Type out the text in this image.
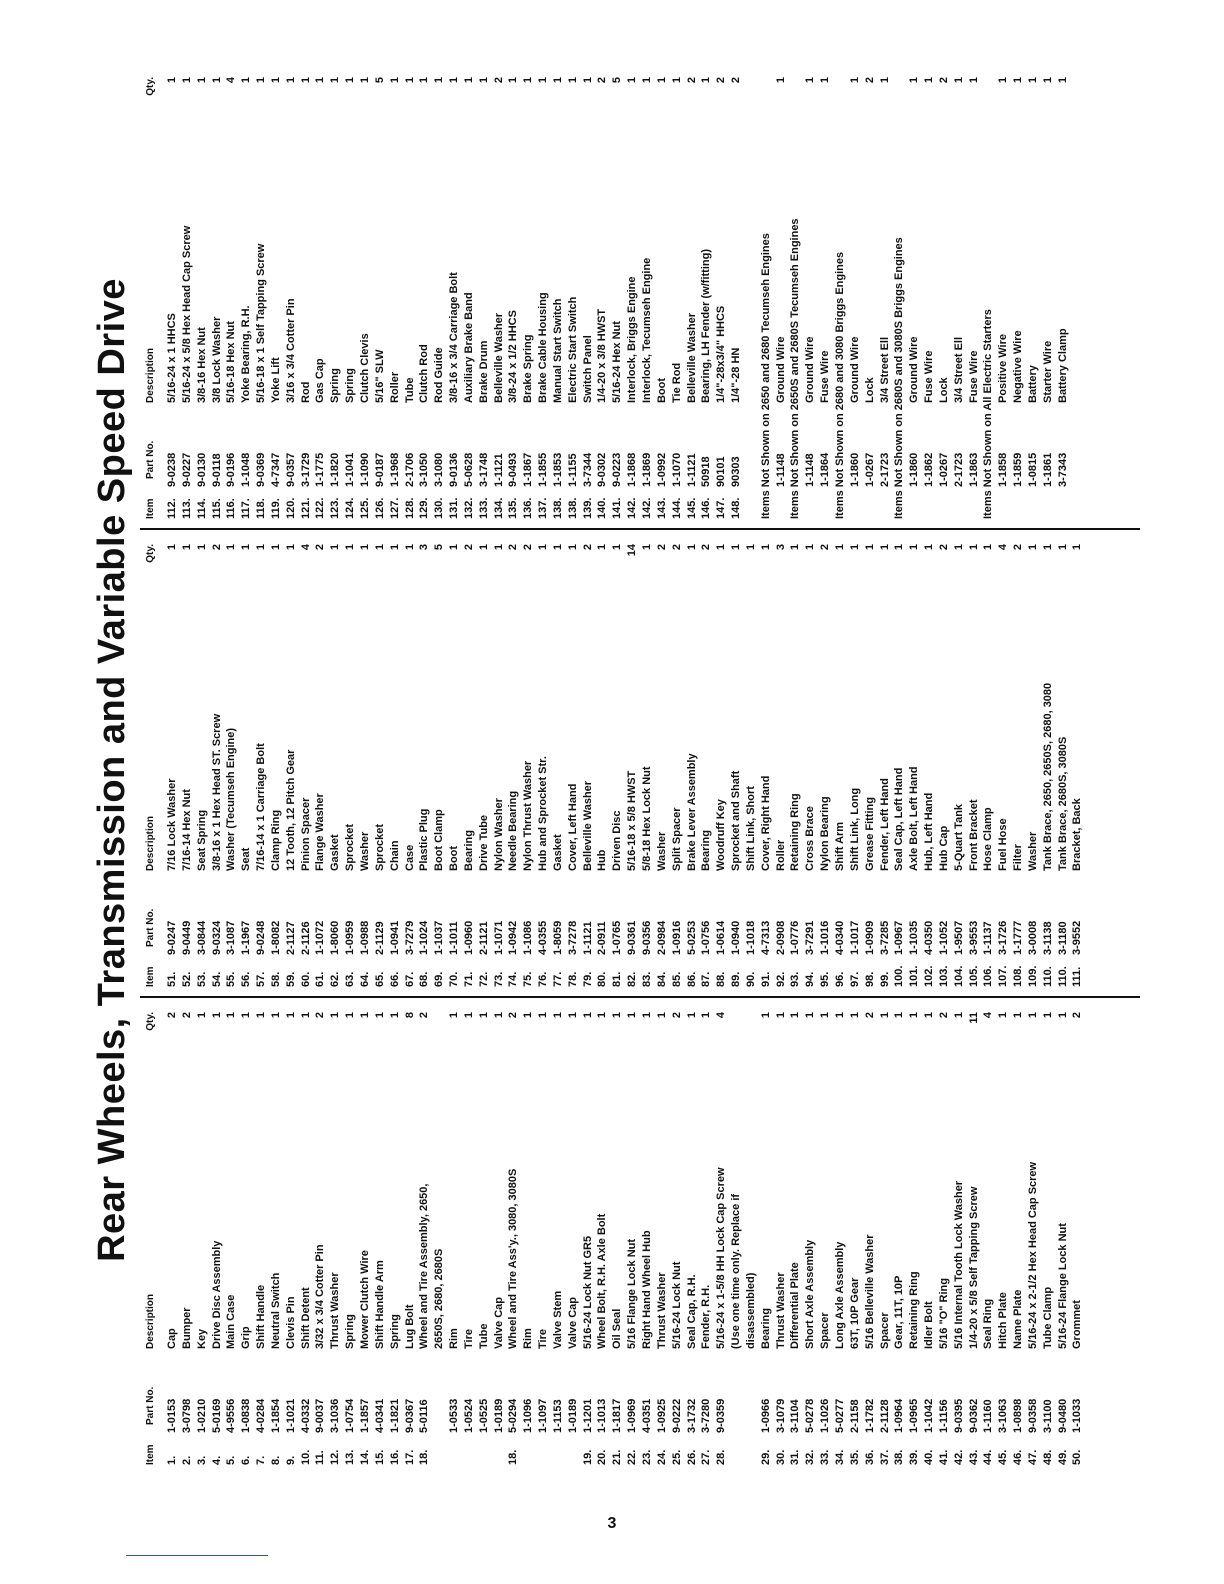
Rear Wheels, Transmission and Variable Speed Drive
Item
Part No.
Description
Qty.
1.
1-0153
Cap
2
2.
3-0798
Bumper
2
3.
1-0210
Key
1
4.
5-0169
Drive Disc Assembly
1
5.
4-9556
Main Case
1
6.
1-0838
Grip
1
7.
4-0284
Shift Handle
1
8.
1-1854
Neutral Switch
1
9.
1-1021
Clevis Pin
1
10.
4-0332
Shift Detent
1
11.
9-0037
3/32 x 3/4 Cotter Pin
2
12.
3-1036
Thrust Washer
1
13.
1-0754
Spring
1
14.
1-1857
Mower Clutch Wire
1
15.
4-0341
Shift Handle Arm
1
16.
1-1821
Spring
1
17.
9-0367
Lug Bolt
8
18.
5-0116
Wheel and Tire Assembly, 2650,
2
2650S, 2680, 2680S
1-0533
Rim
1
1-0524
Tire
1
1-0525
Tube
1
1-0189
Valve Cap
1
18.
5-0294
Wheel and Tire Ass'y., 3080, 3080S
2
1-1096
Rim
1
1-1097
Tire
1
1-1153
Valve Stem
1
1-0189
Valve Cap
1
19.
1-1201
5/16-24 Lock Nut GR5
1
20.
1-1013
Wheel Bolt, R.H. Axle Bolt
1
21.
1-1817
Oil Seal
1
22.
1-0969
5/16 Flange Lock Nut
1
23.
4-0351
Right Hand Wheel Hub
1
24.
1-0925
Thrust Washer
1
25.
9-0222
5/16-24 Lock Nut
2
26.
3-1732
Seal Cap, R.H.
1
27.
3-7280
Fender, R.H.
1
28.
9-0359
5/16-24 x 1-5/8 HH Lock Cap Screw
4
(Use one time only. Replace if disassembled)
29.
1-0966
Bearing
1
30.
3-1079
Thrust Washer
1
31.
3-1104
Differential Plate
1
32.
5-0278
Short Axle Assembly
1
33.
1-1026
Spacer
1
34.
5-0277
Long Axle Assembly
1
35.
2-1158
63T, 10P Gear
1
36.
1-1782
5/16 Belleville Washer
2
37.
2-1128
Spacer
1
38.
1-0964
Gear, 11T, 10P
1
39.
1-0965
Retaining Ring
1
40.
1-1042
Idler Bolt
1
41.
1-1156
5/16 "O" Ring
2
42.
9-0395
5/16 Internal Tooth Lock Washer
1
43.
9-0362
1/4-20 x 5/8 Self Tapping Screw
11
44.
1-1160
Seal Ring
4
45.
3-1063
Hitch Plate
1
46.
1-0898
Name Plate
1
47.
9-0358
5/16-24 x 2-1/2 Hex Head Cap Screw
1
48.
3-1100
Tube Clamp
1
49.
9-0480
5/16-24 Flange Lock Nut
1
50.
1-1033
Grommet
2
Item
Part No.
Description
Qty.
51.
9-0247
7/16 Lock Washer
1
52.
9-0449
7/16-14 Hex Nut
1
53.
3-0844
Seat Spring
1
54.
9-0324
3/8-16 x 1 Hex Head ST. Screw
2
55.
3-1087
Washer (Tecumseh Engine)
1
56.
1-1967
Seat
1
57.
9-0248
7/16-14 x 1 Carriage Bolt
1
58.
1-8082
Clamp Ring
1
59.
2-1127
12 Tooth, 12 Pitch Gear
1
60.
2-1126
Pinion Spacer
4
61.
1-1072
Flange Washer
2
62.
1-8060
Gasket
1
63.
1-0959
Sprocket
1
64.
1-0988
Washer
1
65.
2-1129
Sprocket
1
66.
1-0941
Chain
1
67.
3-7279
Case
1
68.
1-1024
Plastic Plug
3
69.
1-1037
Boot Clamp
5
70.
1-1011
Boot
1
71.
1-0960
Bearing
2
72.
2-1121
Drive Tube
1
73.
1-1071
Nylon Washer
1
74.
1-0942
Needle Bearing
2
75.
1-1086
Nylon Thrust Washer
2
76.
4-0355
Hub and Sprocket Str.
1
77.
1-8059
Gasket
1
78.
3-7278
Cover, Left Hand
1
79.
1-1121
Belleville Washer
2
80.
2-0911
Hub
1
81.
1-0765
Driven Disc
1
82.
9-0361
5/16-18 x 5/8 HWST
14
83.
9-0356
5/8-18 Hex Lock Nut
1
84.
2-0984
Washer
2
85.
1-0916
Split Spacer
2
86.
5-0253
Brake Lever Assembly
1
87.
1-0756
Bearing
2
88.
1-0614
Woodruff Key
1
89.
1-0940
Sprocket and Shaft
1
90.
1-1018
Shift Link, Short
1
91.
4-7313
Cover, Right Hand
1
92.
2-0908
Roller
3
93.
1-0776
Retaining Ring
1
94.
3-7291
Cross Brace
1
95.
1-1016
Nylon Bearing
2
96.
4-0340
Shift Arm
1
97.
1-1017
Shift Link, Long
1
98.
1-0909
Grease Fitting
1
99.
3-7285
Fender, Left Hand
1
100.
1-0967
Seal Cap, Left Hand
1
101.
1-1035
Axle Bolt, Left Hand
1
102.
4-0350
Hub, Left Hand
1
103.
1-1052
Hub Cap
2
104.
1-9507
5-Quart Tank
1
105.
3-9553
Front Bracket
1
106.
1-1137
Hose Clamp
1
107.
3-1726
Fuel Hose
4
108.
1-1777
Filter
2
109.
3-0008
Washer
1
110.
3-1138
Tank Brace, 2650, 2650S, 2680, 3080
1
110.
3-1180
Tank Brace, 2680S, 3080S
1
111.
3-9552
Bracket, Back
1
Item
Part No.
Description
Qty.
112.
9-0238
5/16-24 x 1 HHCS
1
113.
9-0227
5/16-24 x 5/8 Hex Head Cap Screw
1
114.
9-0130
3/8-16 Hex Nut
1
115.
9-0118
3/8 Lock Washer
1
116.
9-0196
5/16-18 Hex Nut
4
117.
1-1048
Yoke Bearing, R.H.
1
118.
9-0369
5/16-18 x 1 Self Tapping Screw
1
119.
4-7347
Yoke Lift
1
120.
9-0357
3/16 x 3/4 Cotter Pin
1
121.
3-1729
Rod
1
122.
1-1775
Gas Cap
1
123.
1-1820
Spring
1
124.
1-1041
Spring
1
125.
1-1090
Clutch Clevis
1
126.
9-0187
5/16" SLW
5
127.
1-1968
Roller
1
128.
2-1706
Tube
1
129.
3-1050
Clutch Rod
1
130.
3-1080
Rod Guide
1
131.
9-0136
3/8-16 x 3/4 Carriage Bolt
1
132.
5-0628
Auxiliary Brake Band
1
133.
3-1748
Brake Drum
1
134.
1-1121
Belleville Washer
2
135.
9-0493
3/8-24 x 1/2 HHCS
1
136.
1-1867
Brake Spring
1
137.
1-1855
Brake Cable Housing
1
138.
1-1853
Manual Start Switch
1
138.
1-1155
Electric Start Switch
1
139.
3-7344
Switch Panel
1
140.
9-0302
1/4-20 x 3/8 HWST
2
141.
9-0223
5/16-24 Hex Nut
5
142.
1-1868
Interlock, Briggs Engine
1
142.
1-1869
Interlock, Tecumseh Engine
1
143.
1-0992
Boot
1
144.
1-1070
Tie Rod
1
145.
1-1121
Belleville Washer
2
146.
50918
Bearing, LH Fender (w/fitting)
1
147.
90101
1/4"-28x3/4" HHCS
2
148.
90303
1/4"-28 HN
2
Items Not Shown on 2650 and 2680 Tecumseh Engines 1-1148
Ground Wire
1
Items Not Shown on 2650S and 2680S Tecumseh Engines 1-1148
Ground Wire
1
1-1864
Fuse Wire
1
Items Not Shown on 2680 and 3080 Briggs Engines 1-1860
Ground Wire
1
1-0267
Lock
2
2-1723
3/4 Street Ell
1
Items Not Shown on 2680S and 3080S Briggs Engines 1-1860
Ground Wire
1
1-1862
Fuse Wire
1
1-0267
Lock
2
2-1723
3/4 Street Ell
1
1-1863
Fuse Wire
1
Items Not Shown on All Electric Starters 1-1858
Positive Wire
1
1-1859
Negative Wire
1
1-0815
Battery
1
1-1861
Starter Wire
1
3-7343
Battery Clamp
1
3
